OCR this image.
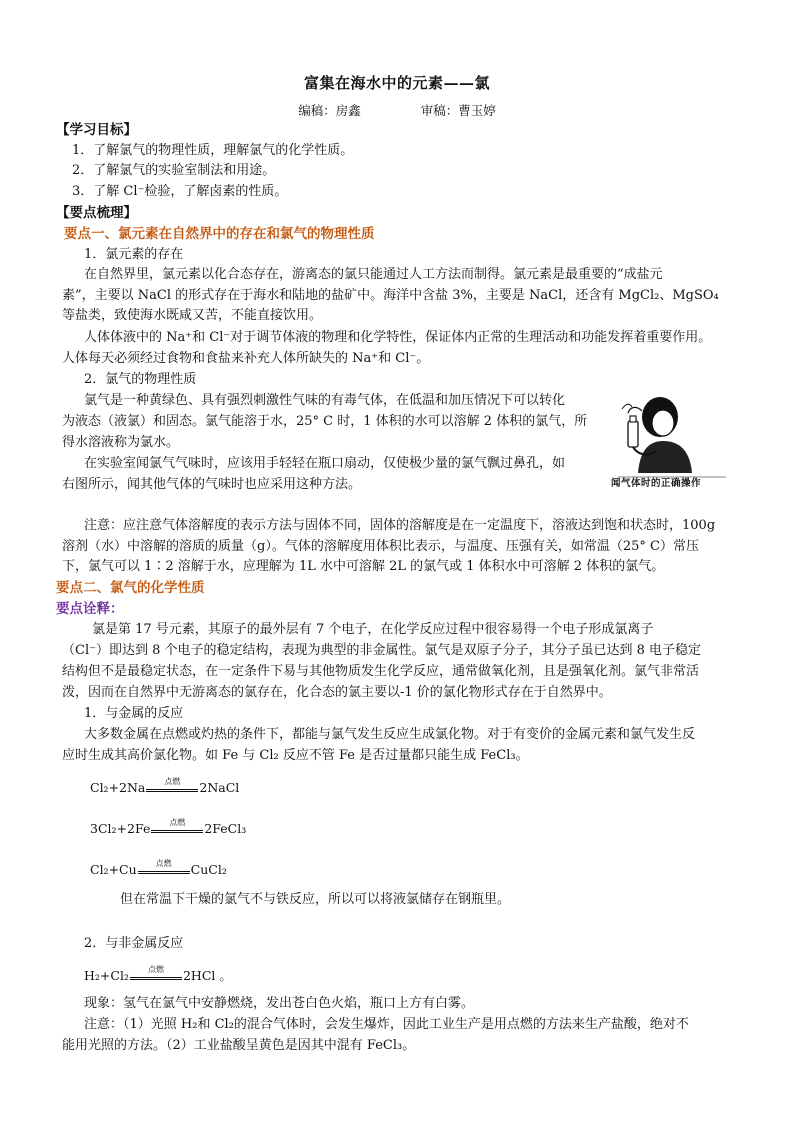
富集在海水中的元素——氯
编稿：房鑫	审稿：曹玉婷
【学习目标】
1．了解氯气的物理性质，理解氯气的化学性质。
2．了解氯气的实验室制法和用途。
3．了解 Cl⁻检验，了解卤素的性质。
【要点梳理】
要点一、氯元素在自然界中的存在和氯气的物理性质
1．氯元素的存在
在自然界里，氯元素以化合态存在，游离态的氯只能通过人工方法而制得。氯元素是最重要的“成盐元
素”，主要以 NaCl 的形式存在于海水和陆地的盐矿中。海洋中含盐 3%，主要是 NaCl，还含有 MgCl₂、MgSO₄
等盐类，致使海水既咸又苦，不能直接饮用。
人体体液中的 Na⁺和 Cl⁻对于调节体液的物理和化学特性，保证体内正常的生理活动和功能发挥着重要作用。
人体每天必须经过食物和食盐来补充人体所缺失的 Na⁺和 Cl⁻。
2．氯气的物理性质
氯气是一种黄绿色、具有强烈刺激性气味的有毒气体，在低温和加压情况下可以转化
为液态（液氯）和固态。氯气能溶于水，25° C 时，1 体积的水可以溶解 2 体积的氯气，所
得水溶液称为氯水。
在实验室闻氯气气味时，应该用手轻轻在瓶口扇动，仅使极少量的氯气飘过鼻孔，如
右图所示，闻其他气体的气味时也应采用这种方法。	闻气体时的正确操作
注意：应注意气体溶解度的表示方法与固体不同，固体的溶解度是在一定温度下，溶液达到饱和状态时，100g
溶剂（水）中溶解的溶质的质量（g）。气体的溶解度用体积比表示，与温度、压强有关，如常温（25° C）常压
下，氯气可以 1∶2 溶解于水，应理解为 1L 水中可溶解 2L 的氯气或 1 体积水中可溶解 2 体积的氯气。
要点二、氯气的化学性质
要点诠释：
氯是第 17 号元素，其原子的最外层有 7 个电子，在化学反应过程中很容易得一个电子形成氯离子
（Cl⁻）即达到 8 个电子的稳定结构，表现为典型的非金属性。氯气是双原子分子，其分子虽已达到 8 电子稳定
结构但不是最稳定状态，在一定条件下易与其他物质发生化学反应，通常做氧化剂，且是强氧化剂。氯气非常活
泼，因而在自然界中无游离态的氯存在，化合态的氯主要以-1 价的氯化物形式存在于自然界中。
1．与金属的反应
大多数金属在点燃或灼热的条件下，都能与氯气发生反应生成氯化物。对于有变价的金属元素和氯气发生反
应时生成其高价氯化物。如 Fe 与 Cl₂ 反应不管 Fe 是否过量都只能生成 FeCl₃。
Cl₂+2Na	点燃	2NaCl
3Cl₂+2Fe	点燃	2FeCl₃
Cl₂+Cu	点燃	CuCl₂
但在常温下干燥的氯气不与铁反应，所以可以将液氯储存在钢瓶里。
2．与非金属反应
H₂+Cl₂	点燃	2HCl 。
现象：氢气在氯气中安静燃烧，发出苍白色火焰，瓶口上方有白雾。
注意：（1）光照 H₂和 Cl₂的混合气体时，会发生爆炸，因此工业生产是用点燃的方法来生产盐酸，绝对不
能用光照的方法。（2）工业盐酸呈黄色是因其中混有 FeCl₃。
